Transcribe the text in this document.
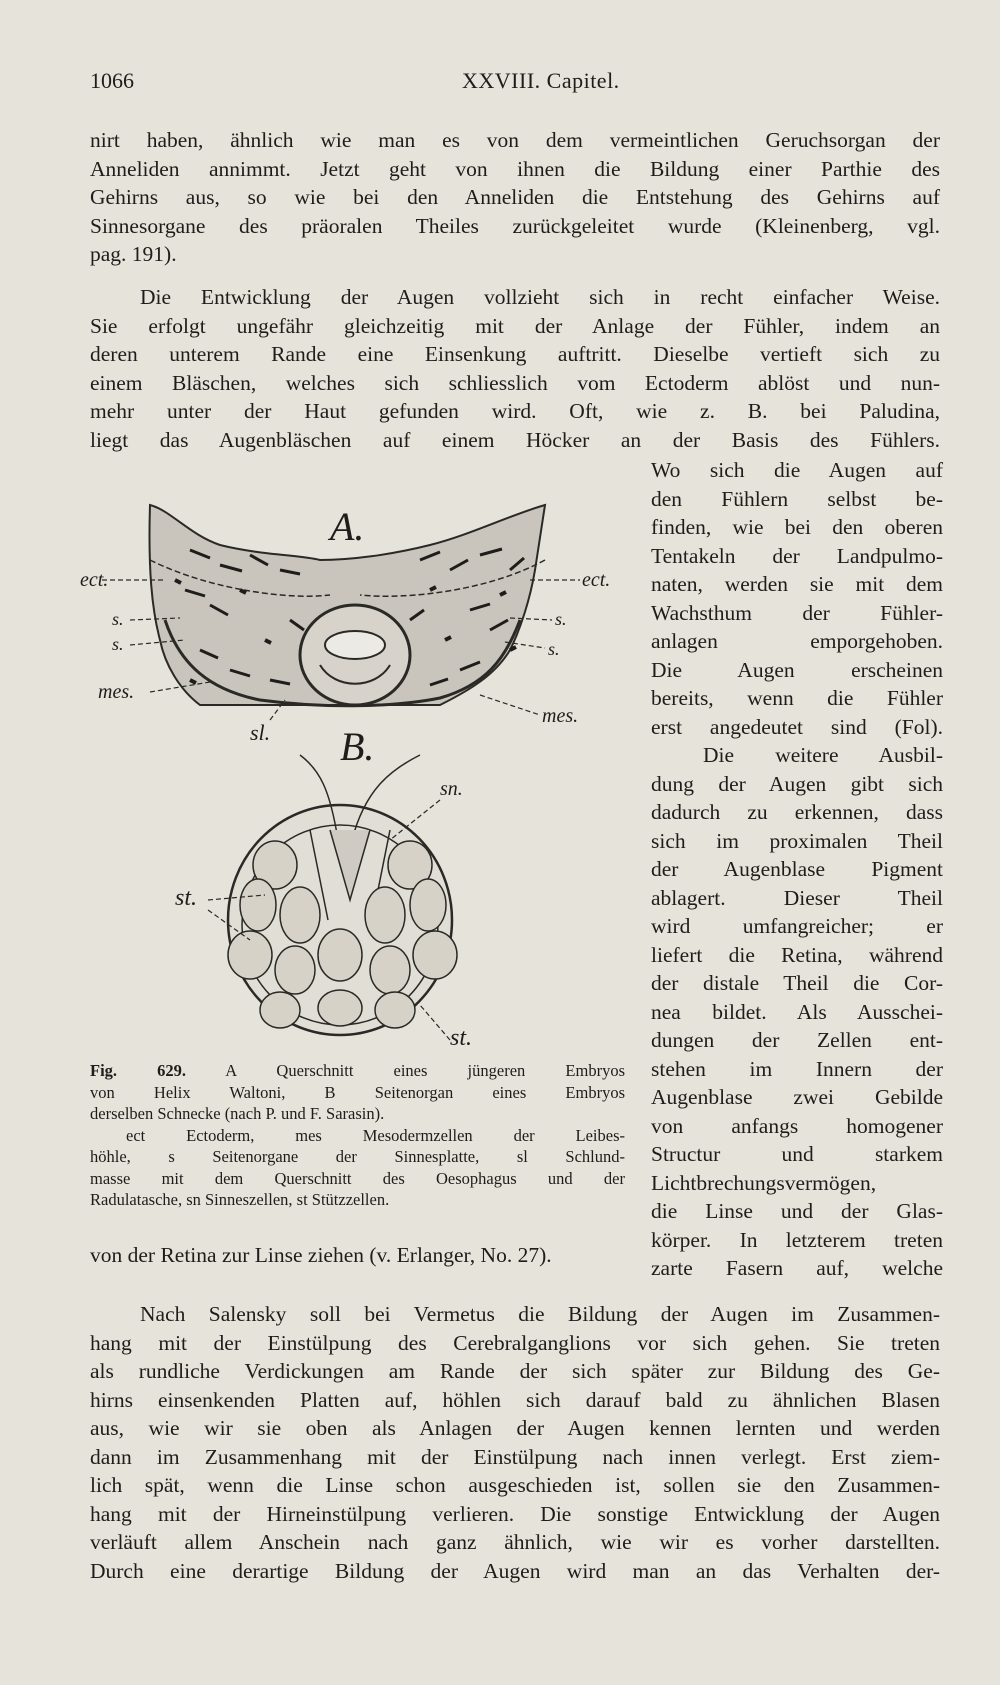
1066	XXVIII. Capitel.
nirt haben, ähnlich wie man es von dem vermeintlichen Geruchsorgan der
Anneliden annimmt. Jetzt geht von ihnen die Bildung einer Parthie des
Gehirns aus, so wie bei den Anneliden die Entstehung des Gehirns auf
Sinnesorgane des präoralen Theiles zurückgeleitet wurde (Kleinenberg, vgl.
pag. 191).
Die Entwicklung der Augen vollzieht sich in recht einfacher Weise.
Sie erfolgt ungefähr gleichzeitig mit der Anlage der Fühler, indem an
deren unterem Rande eine Einsenkung auftritt. Dieselbe vertieft sich zu
einem Bläschen, welches sich schliesslich vom Ectoderm ablöst und nun-
mehr unter der Haut gefunden wird. Oft, wie z. B. bei Paludina,
liegt das Augenbläschen auf einem Höcker an der Basis des Fühlers.
Wo sich die Augen auf
den Fühlern selbst be-
finden, wie bei den oberen
Tentakeln der Landpulmo-
naten, werden sie mit dem
Wachsthum der Fühler-
anlagen emporgehoben.
Die Augen erscheinen
bereits, wenn die Fühler
erst angedeutet sind (Fol).
Die weitere Ausbil-
dung der Augen gibt sich
dadurch zu erkennen, dass
sich im proximalen Theil
der Augenblase Pigment
ablagert. Dieser Theil
wird umfangreicher; er
liefert die Retina, während
der distale Theil die Cor-
nea bildet. Als Ausschei-
dungen der Zellen ent-
stehen im Innern der
Augenblase zwei Gebilde
von anfangs homogener
Structur und starkem
Lichtbrechungsvermögen,
die Linse und der Glas-
körper. In letzterem treten
zarte Fasern auf, welche
A.
B.
ect.	ect.
s.
s.
s.
s.
mes.
mes.
sl.
sn.
st.
st.
Fig. 629. A Querschnitt eines jüngeren Embryos
von Helix Waltoni, B Seitenorgan eines Embryos
derselben Schnecke (nach P. und F. Sarasin).
ect Ectoderm, mes Mesodermzellen der Leibes-
höhle, s Seitenorgane der Sinnesplatte, sl Schlund-
masse mit dem Querschnitt des Oesophagus und der
Radulatasche, sn Sinneszellen, st Stützzellen.
von der Retina zur Linse ziehen (v. Erlanger, No. 27).
Nach Salensky soll bei Vermetus die Bildung der Augen im Zusammen-
hang mit der Einstülpung des Cerebralganglions vor sich gehen. Sie treten
als rundliche Verdickungen am Rande der sich später zur Bildung des Ge-
hirns einsenkenden Platten auf, höhlen sich darauf bald zu ähnlichen Blasen
aus, wie wir sie oben als Anlagen der Augen kennen lernten und werden
dann im Zusammenhang mit der Einstülpung nach innen verlegt. Erst ziem-
lich spät, wenn die Linse schon ausgeschieden ist, sollen sie den Zusammen-
hang mit der Hirneinstülpung verlieren. Die sonstige Entwicklung der Augen
verläuft allem Anschein nach ganz ähnlich, wie wir es vorher darstellten.
Durch eine derartige Bildung der Augen wird man an das Verhalten der-
